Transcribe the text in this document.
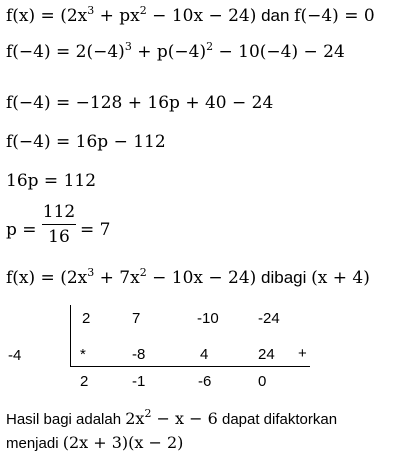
$f(x) = (2x^3 + px^2 - 10x - 24)$ dan f(−4) = 0
$f(-4) = 2(-4)^3 + p(-4)^2 - 10(-4) - 24$
f(−4) = −128 + 16p + 40 − 24
f(−4) = 16p − 112
16p = 112
p =
112
16 = 7
$f(x) = (2x^3 + 7x^2 - 10x - 24)$ dibagi (x + 4)
-4
2	7	-10	-24
*	-8	4	24 +
2	-1	-6	0
Hasil bagi adalah $2x^2 - x - 6$ dapat difaktorkan
menjadi (2x + 3)(x − 2)
